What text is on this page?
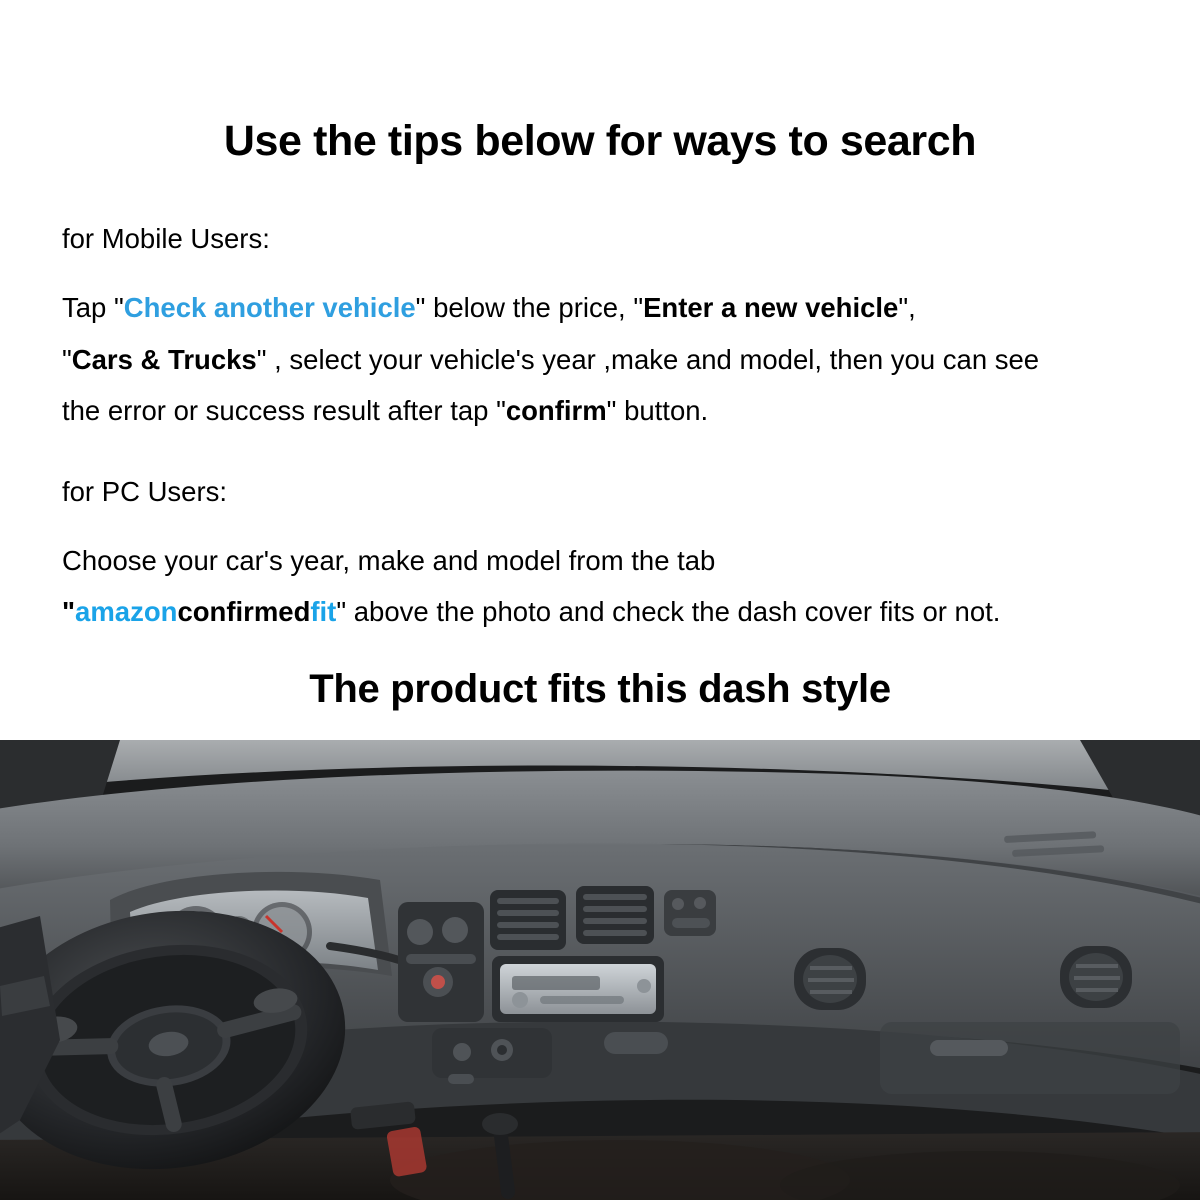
Use the tips below for ways to search
for Mobile Users:
Tap "Check another vehicle" below the price, "Enter a new vehicle",
"Cars & Trucks" , select your vehicle's year ,make and model, then you can see
the error or success result after tap "confirm" button.
for PC Users:
Choose your car's year, make and model from the tab
"amazonconfirmedfit" above the photo and check the dash cover fits or not.
The product fits this dash style
